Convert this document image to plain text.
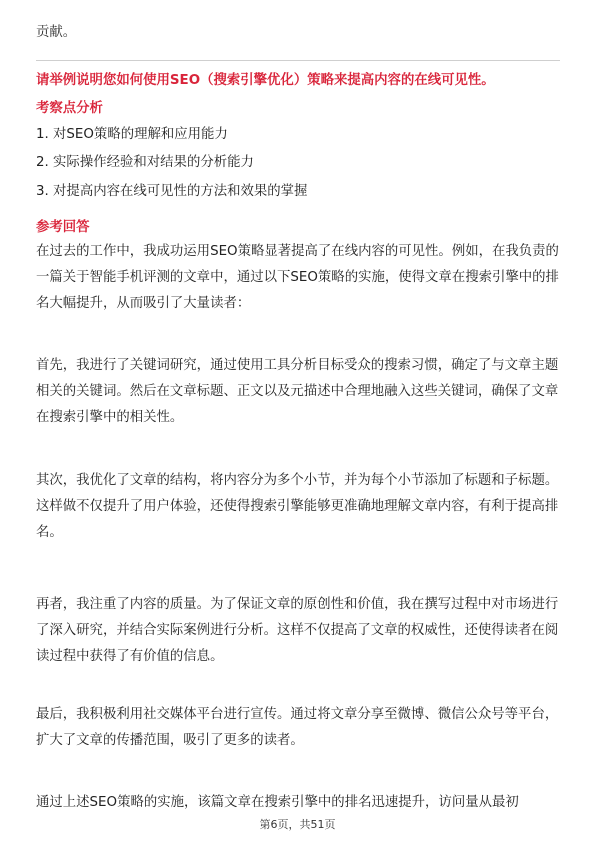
贡献。

请举例说明您如何使用SEO（搜索引擎优化）策略来提高内容的在线可见性。
考察点分析
1. 对SEO策略的理解和应用能力
2. 实际操作经验和对结果的分析能力
3. 对提高内容在线可见性的方法和效果的掌握
参考回答

在过去的工作中，我成功运用SEO策略显著提高了在线内容的可见性。例如，在我负责的一篇关于智能手机评测的文章中，通过以下SEO策略的实施，使得文章在搜索引擎中的排名大幅提升，从而吸引了大量读者：

首先，我进行了关键词研究，通过使用工具分析目标受众的搜索习惯，确定了与文章主题相关的关键词。然后在文章标题、正文以及元描述中合理地融入这些关键词，确保了文章在搜索引擎中的相关性。

其次，我优化了文章的结构，将内容分为多个小节，并为每个小节添加了标题和子标题。这样做不仅提升了用户体验，还使得搜索引擎能够更准确地理解文章内容，有利于提高排名。

再者，我注重了内容的质量。为了保证文章的原创性和价值，我在撰写过程中对市场进行了深入研究，并结合实际案例进行分析。这样不仅提高了文章的权威性，还使得读者在阅读过程中获得了有价值的信息。

最后，我积极利用社交媒体平台进行宣传。通过将文章分享至微博、微信公众号等平台，扩大了文章的传播范围，吸引了更多的读者。

通过上述SEO策略的实施，该篇文章在搜索引擎中的排名迅速提升，访问量从最初

第6页，共51页
